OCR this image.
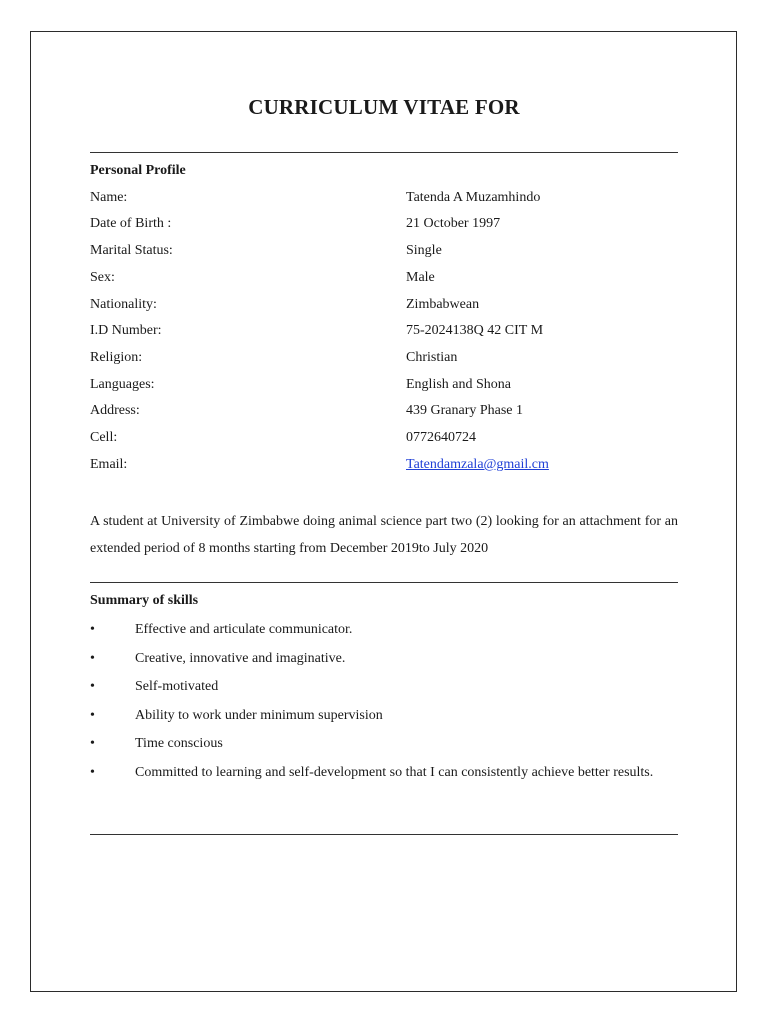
CURRICULUM VITAE FOR
Personal Profile
Name:	Tatenda A Muzamhindo
Date of Birth :	21 October 1997
Marital Status:	Single
Sex:	Male
Nationality:	Zimbabwean
I.D Number:	75-2024138Q 42 CIT M
Religion:	Christian
Languages:	English and Shona
Address:	439 Granary Phase 1
Cell:	0772640724
Email:	Tatendamzala@gmail.cm
A student at University of Zimbabwe doing animal science part two (2) looking for an attachment for an extended period of 8 months starting from December 2019to July 2020
Summary of skills
•	Effective and articulate communicator.
•	Creative, innovative and imaginative.
•	Self-motivated
•	Ability to work under minimum supervision
•	Time conscious
•	Committed to learning and self-development so that I can consistently achieve better results.
